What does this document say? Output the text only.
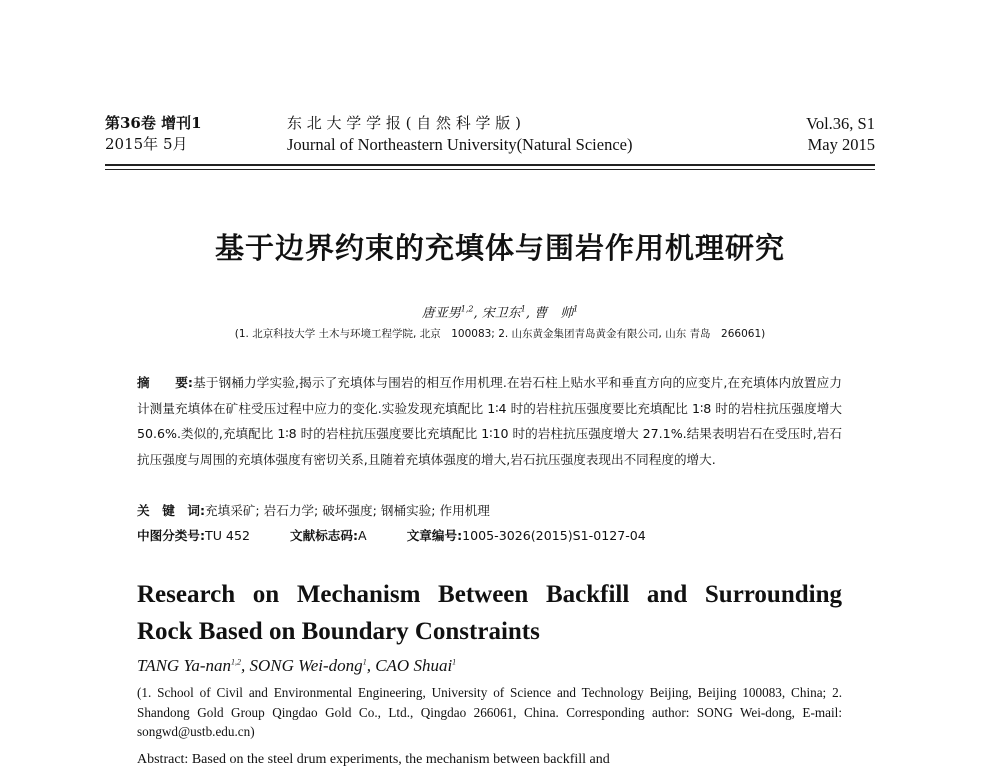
第36卷 增刊1
2015年 5月
东 北 大 学 学 报 ( 自 然 科 学 版 )
Journal of Northeastern University(Natural Science)
Vol.36, S1
May 2015
基于边界约束的充填体与围岩作用机理研究
唐亚男$^{1,2}$, 宋卫东$^1$, 曹　帅$^1$
(1. 北京科技大学 土木与环境工程学院, 北京　100083; 2. 山东黄金集团青岛黄金有限公司, 山东 青岛　266061)
摘　　要:基于钢桶力学实验,揭示了充填体与围岩的相互作用机理.在岩石柱上贴水平和垂直方向的应变片,在充填体内放置应力计测量充填体在矿柱受压过程中应力的变化.实验发现充填配比 1∶4 时的岩柱抗压强度要比充填配比 1∶8 时的岩柱抗压强度增大 50.6%.类似的,充填配比 1∶8 时的岩柱抗压强度要比充填配比 1∶10 时的岩柱抗压强度增大 27.1%.结果表明岩石在受压时,岩石抗压强度与周围的充填体强度有密切关系,且随着充填体强度的增大,岩石抗压强度表现出不同程度的增大.
关　键　词:充填采矿; 岩石力学; 破坏强度; 钢桶实验; 作用机理
中图分类号:TU 452	文献标志码:A	文章编号:1005-3026(2015)S1-0127-04
Research on Mechanism Between Backfill and Surrounding
Rock Based on Boundary Constraints
TANG Ya-nan$^{1,2}$, SONG Wei-dong$^1$, CAO Shuai$^1$
(1. School of Civil and Environmental Engineering, University of Science and Technology Beijing, Beijing 100083, China; 2. Shandong Gold Group Qingdao Gold Co., Ltd., Qingdao 266061, China. Corresponding author: SONG Wei-dong, E-mail: songwd@ustb.edu.cn)
Abstract: Based on the steel drum experiments, the mechanism between backfill and
